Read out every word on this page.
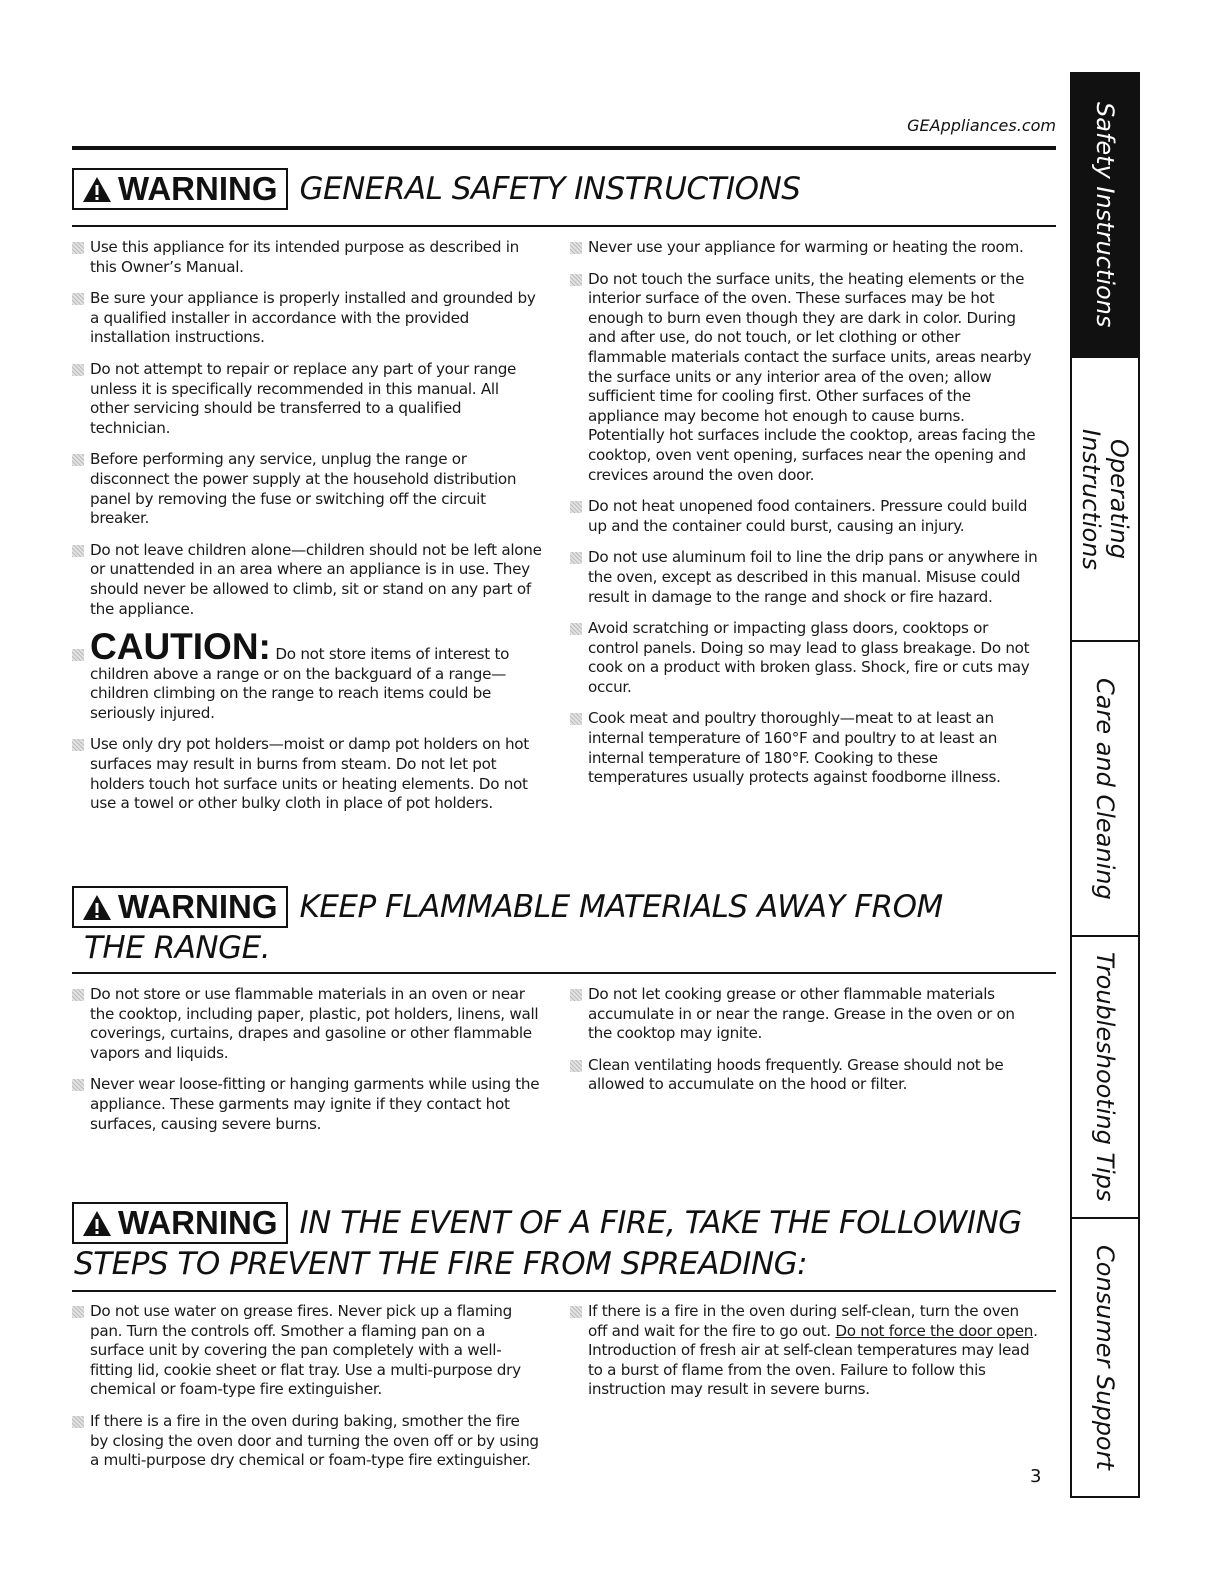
GEAppliances.com
WARNING GENERAL SAFETY INSTRUCTIONS
Use this appliance for its intended purpose as described in this Owner’s Manual.
Be sure your appliance is properly installed and grounded by a qualified installer in accordance with the provided installation instructions.
Do not attempt to repair or replace any part of your range unless it is specifically recommended in this manual. All other servicing should be transferred to a qualified technician.
Before performing any service, unplug the range or disconnect the power supply at the household distribution panel by removing the fuse or switching off the circuit breaker.
Do not leave children alone—children should not be left alone or unattended in an area where an appliance is in use. They should never be allowed to climb, sit or stand on any part of the appliance.
CAUTION: Do not store items of interest to children above a range or on the backguard of a range—children climbing on the range to reach items could be seriously injured.
Use only dry pot holders—moist or damp pot holders on hot surfaces may result in burns from steam. Do not let pot holders touch hot surface units or heating elements. Do not use a towel or other bulky cloth in place of pot holders.
Never use your appliance for warming or heating the room.
Do not touch the surface units, the heating elements or the interior surface of the oven. These surfaces may be hot enough to burn even though they are dark in color. During and after use, do not touch, or let clothing or other flammable materials contact the surface units, areas nearby the surface units or any interior area of the oven; allow sufficient time for cooling first. Other surfaces of the appliance may become hot enough to cause burns. Potentially hot surfaces include the cooktop, areas facing the cooktop, oven vent opening, surfaces near the opening and crevices around the oven door.
Do not heat unopened food containers. Pressure could build up and the container could burst, causing an injury.
Do not use aluminum foil to line the drip pans or anywhere in the oven, except as described in this manual. Misuse could result in damage to the range and shock or fire hazard.
Avoid scratching or impacting glass doors, cooktops or control panels. Doing so may lead to glass breakage. Do not cook on a product with broken glass. Shock, fire or cuts may occur.
Cook meat and poultry thoroughly—meat to at least an internal temperature of 160°F and poultry to at least an internal temperature of 180°F. Cooking to these temperatures usually protects against foodborne illness.
WARNING KEEP FLAMMABLE MATERIALS AWAY FROM
THE RANGE.
Do not store or use flammable materials in an oven or near the cooktop, including paper, plastic, pot holders, linens, wall coverings, curtains, drapes and gasoline or other flammable vapors and liquids.
Never wear loose-fitting or hanging garments while using the appliance. These garments may ignite if they contact hot surfaces, causing severe burns.
Do not let cooking grease or other flammable materials accumulate in or near the range. Grease in the oven or on the cooktop may ignite.
Clean ventilating hoods frequently. Grease should not be allowed to accumulate on the hood or filter.
WARNING IN THE EVENT OF A FIRE, TAKE THE FOLLOWING
STEPS TO PREVENT THE FIRE FROM SPREADING:
Do not use water on grease fires. Never pick up a flaming pan. Turn the controls off. Smother a flaming pan on a surface unit by covering the pan completely with a well-fitting lid, cookie sheet or flat tray. Use a multi-purpose dry chemical or foam-type fire extinguisher.
If there is a fire in the oven during baking, smother the fire by closing the oven door and turning the oven off or by using a multi-purpose dry chemical or foam-type fire extinguisher.
If there is a fire in the oven during self-clean, turn the oven off and wait for the fire to go out. Do not force the door open. Introduction of fresh air at self-clean temperatures may lead to a burst of flame from the oven. Failure to follow this instruction may result in severe burns.
Safety Instructions
Operating Instructions
Care and Cleaning
Troubleshooting Tips
Consumer Support
3
